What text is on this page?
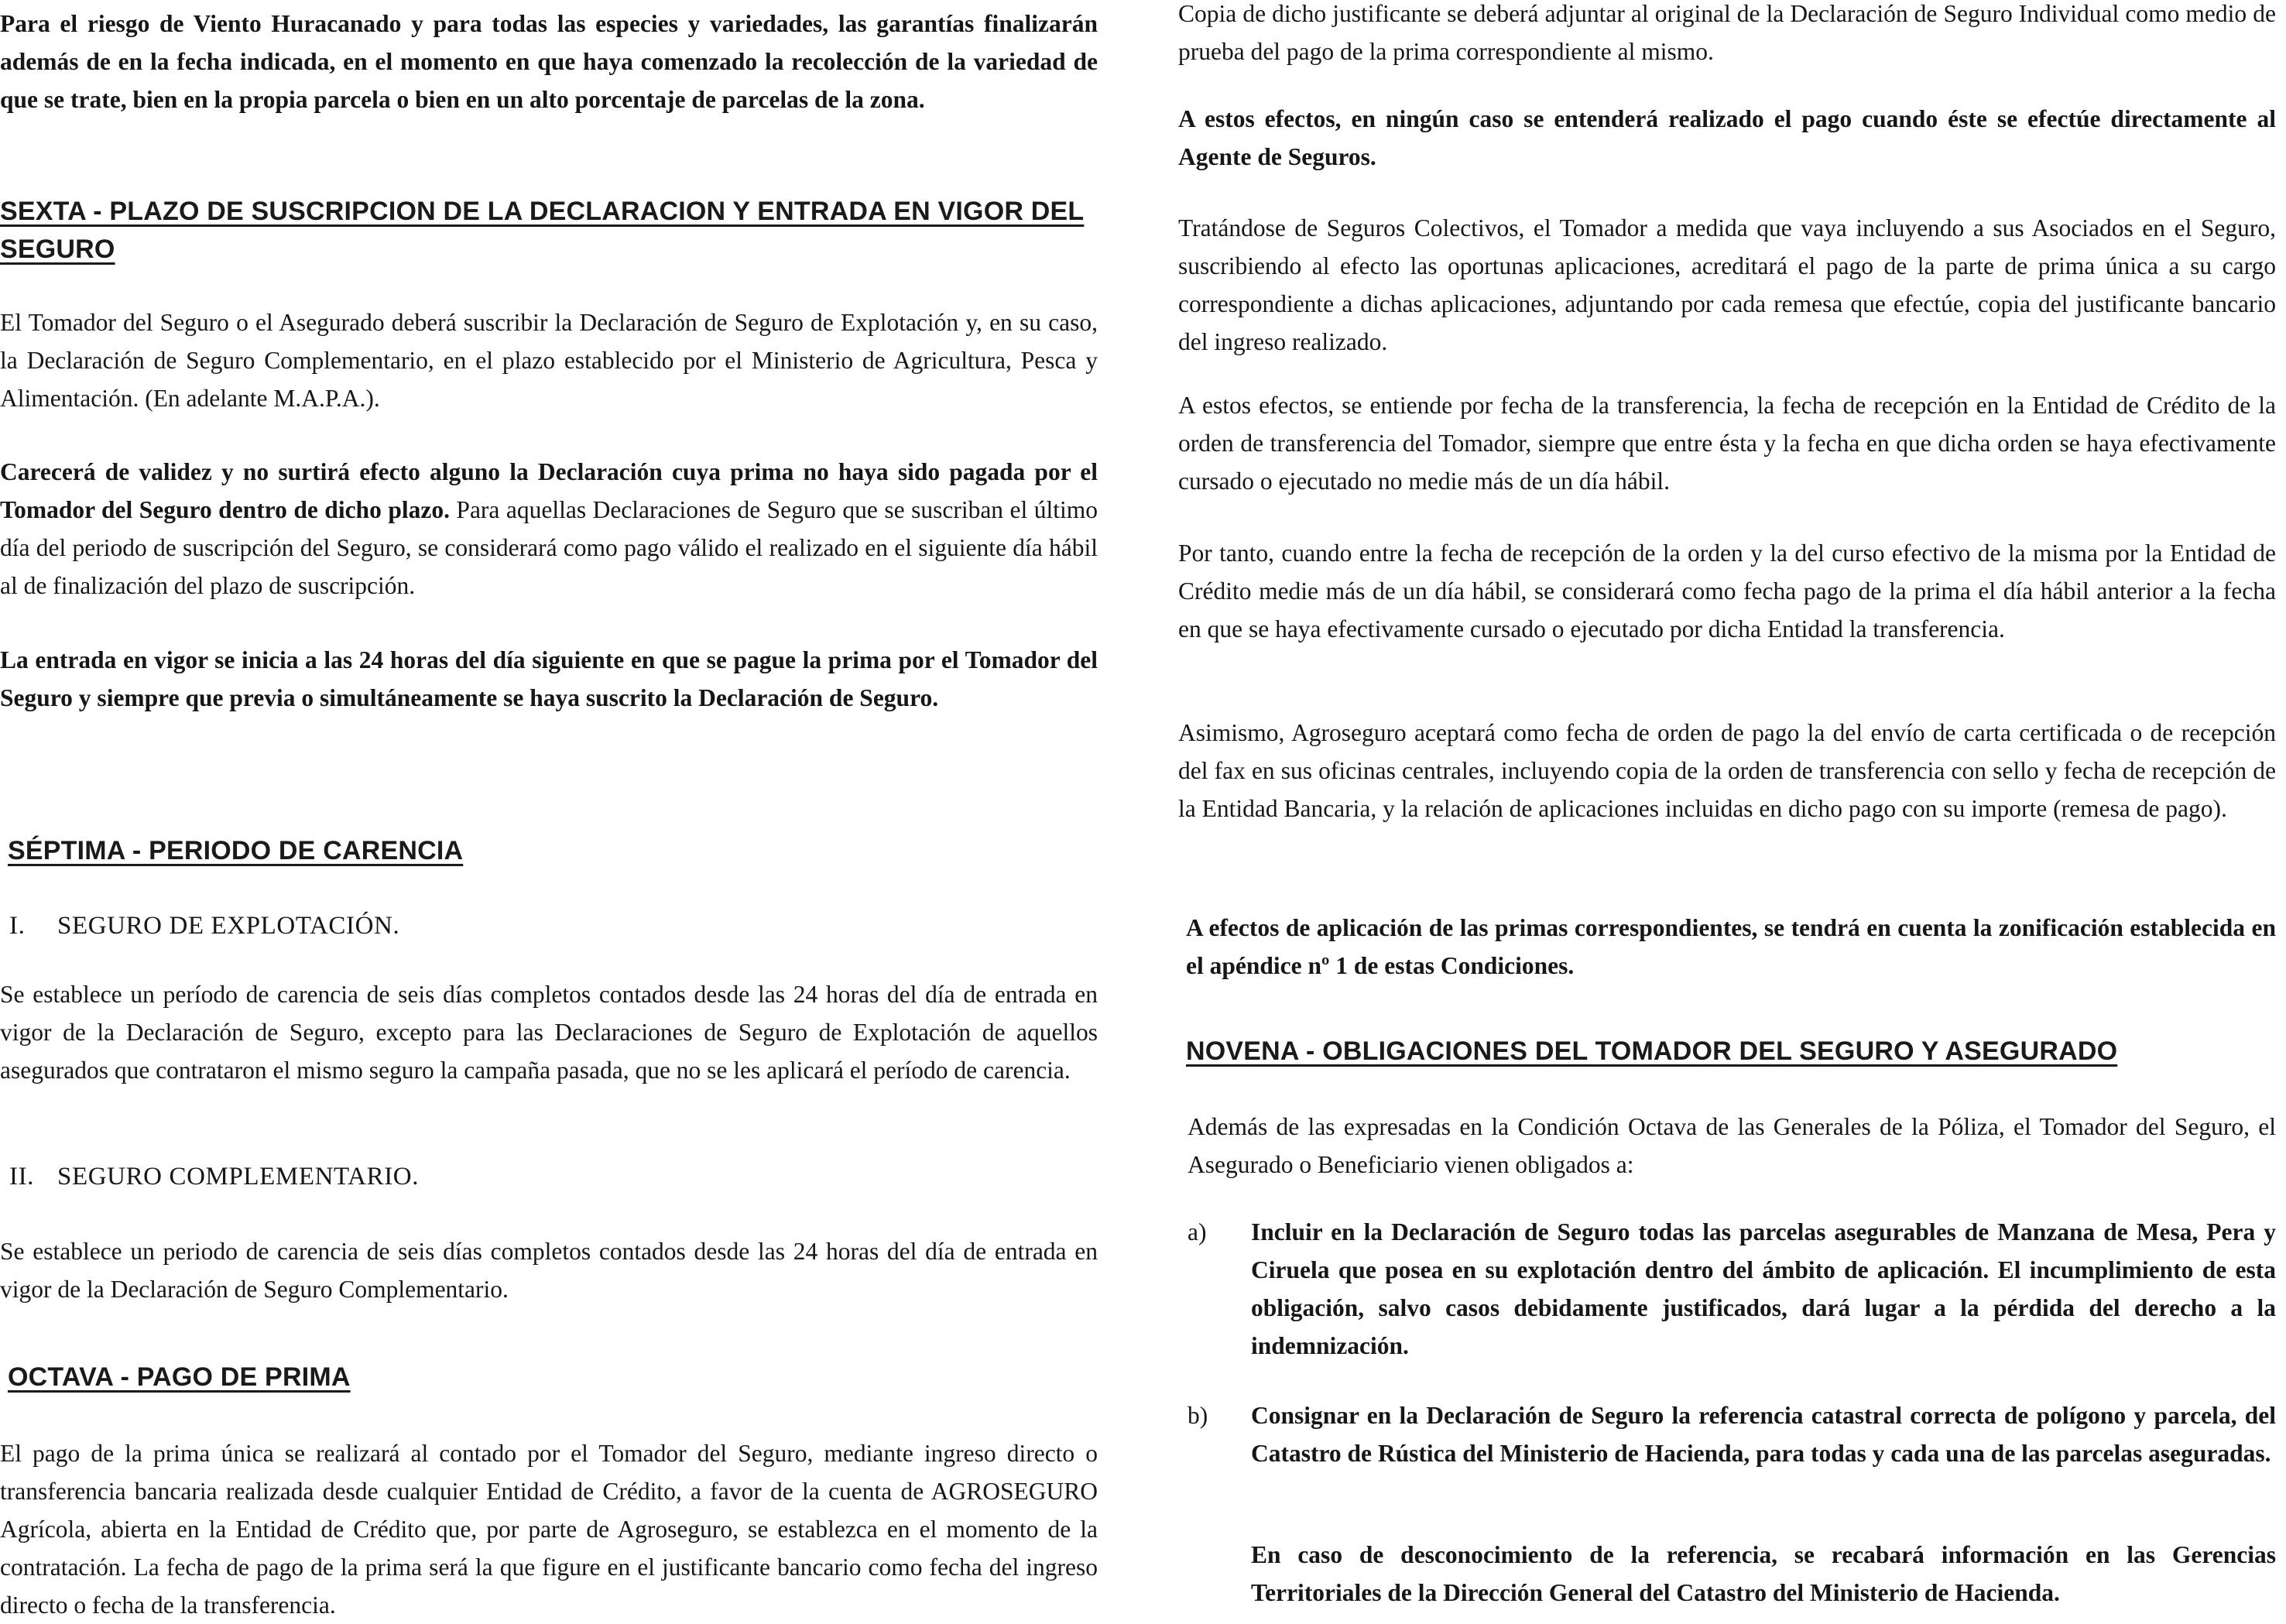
Para el riesgo de Viento Huracanado y para todas las especies y variedades, las garantías finalizarán además de en la fecha indicada, en el momento en que haya comenzado la recolección de la variedad de que se trate, bien en la propia parcela o bien en un alto porcentaje de parcelas de la zona.

SEXTA - PLAZO DE SUSCRIPCION DE LA DECLARACION Y ENTRADA EN VIGOR DEL SEGURO

El Tomador del Seguro o el Asegurado deberá suscribir la Declaración de Seguro de Explotación y, en su caso, la Declaración de Seguro Complementario, en el plazo establecido por el Ministerio de Agricultura, Pesca y Alimentación. (En adelante M.A.P.A.).

Carecerá de validez y no surtirá efecto alguno la Declaración cuya prima no haya sido pagada por el Tomador del Seguro dentro de dicho plazo. Para aquellas Declaraciones de Seguro que se suscriban el último día del periodo de suscripción del Seguro, se considerará como pago válido el realizado en el siguiente día hábil al de finalización del plazo de suscripción.

La entrada en vigor se inicia a las 24 horas del día siguiente en que se pague la prima por el Tomador del Seguro y siempre que previa o simultáneamente se haya suscrito la Declaración de Seguro.

SÉPTIMA - PERIODO DE CARENCIA
I. SEGURO DE EXPLOTACIÓN.

Se establece un período de carencia de seis días completos contados desde las 24 horas del día de entrada en vigor de la Declaración de Seguro, excepto para las Declaraciones de Seguro de Explotación de aquellos asegurados que contrataron el mismo seguro la campaña pasada, que no se les aplicará el período de carencia.

II. SEGURO COMPLEMENTARIO.

Se establece un periodo de carencia de seis días completos contados desde las 24 horas del día de entrada en vigor de la Declaración de Seguro Complementario.

OCTAVA - PAGO DE PRIMA

El pago de la prima única se realizará al contado por el Tomador del Seguro, mediante ingreso directo o transferencia bancaria realizada desde cualquier Entidad de Crédito, a favor de la cuenta de AGROSEGURO Agrícola, abierta en la Entidad de Crédito que, por parte de Agroseguro, se establezca en el momento de la contratación. La fecha de pago de la prima será la que figure en el justificante bancario como fecha del ingreso directo o fecha de la transferencia.

Copia de dicho justificante se deberá adjuntar al original de la Declaración de Seguro Individual como medio de prueba del pago de la prima correspondiente al mismo.

A estos efectos, en ningún caso se entenderá realizado el pago cuando éste se efectúe directamente al Agente de Seguros.

Tratándose de Seguros Colectivos, el Tomador a medida que vaya incluyendo a sus Asociados en el Seguro, suscribiendo al efecto las oportunas aplicaciones, acreditará el pago de la parte de prima única a su cargo correspondiente a dichas aplicaciones, adjuntando por cada remesa que efectúe, copia del justificante bancario del ingreso realizado.

A estos efectos, se entiende por fecha de la transferencia, la fecha de recepción en la Entidad de Crédito de la orden de transferencia del Tomador, siempre que entre ésta y la fecha en que dicha orden se haya efectivamente cursado o ejecutado no medie más de un día hábil.

Por tanto, cuando entre la fecha de recepción de la orden y la del curso efectivo de la misma por la Entidad de Crédito medie más de un día hábil, se considerará como fecha pago de la prima el día hábil anterior a la fecha en que se haya efectivamente cursado o ejecutado por dicha Entidad la transferencia.

Asimismo, Agroseguro aceptará como fecha de orden de pago la del envío de carta certificada o de recepción del fax en sus oficinas centrales, incluyendo copia de la orden de transferencia con sello y fecha de recepción de la Entidad Bancaria, y la relación de aplicaciones incluidas en dicho pago con su importe (remesa de pago).

A efectos de aplicación de las primas correspondientes, se tendrá en cuenta la zonificación establecida en el apéndice nº 1 de estas Condiciones.

NOVENA - OBLIGACIONES DEL TOMADOR DEL SEGURO Y ASEGURADO

Además de las expresadas en la Condición Octava de las Generales de la Póliza, el Tomador del Seguro, el Asegurado o Beneficiario vienen obligados a:

a) Incluir en la Declaración de Seguro todas las parcelas asegurables de Manzana de Mesa, Pera y Ciruela que posea en su explotación dentro del ámbito de aplicación. El incumplimiento de esta obligación, salvo casos debidamente justificados, dará lugar a la pérdida del derecho a la indemnización.

b) Consignar en la Declaración de Seguro la referencia catastral correcta de polígono y parcela, del Catastro de Rústica del Ministerio de Hacienda, para todas y cada una de las parcelas aseguradas.

En caso de desconocimiento de la referencia, se recabará información en las Gerencias Territoriales de la Dirección General del Catastro del Ministerio de Hacienda.
